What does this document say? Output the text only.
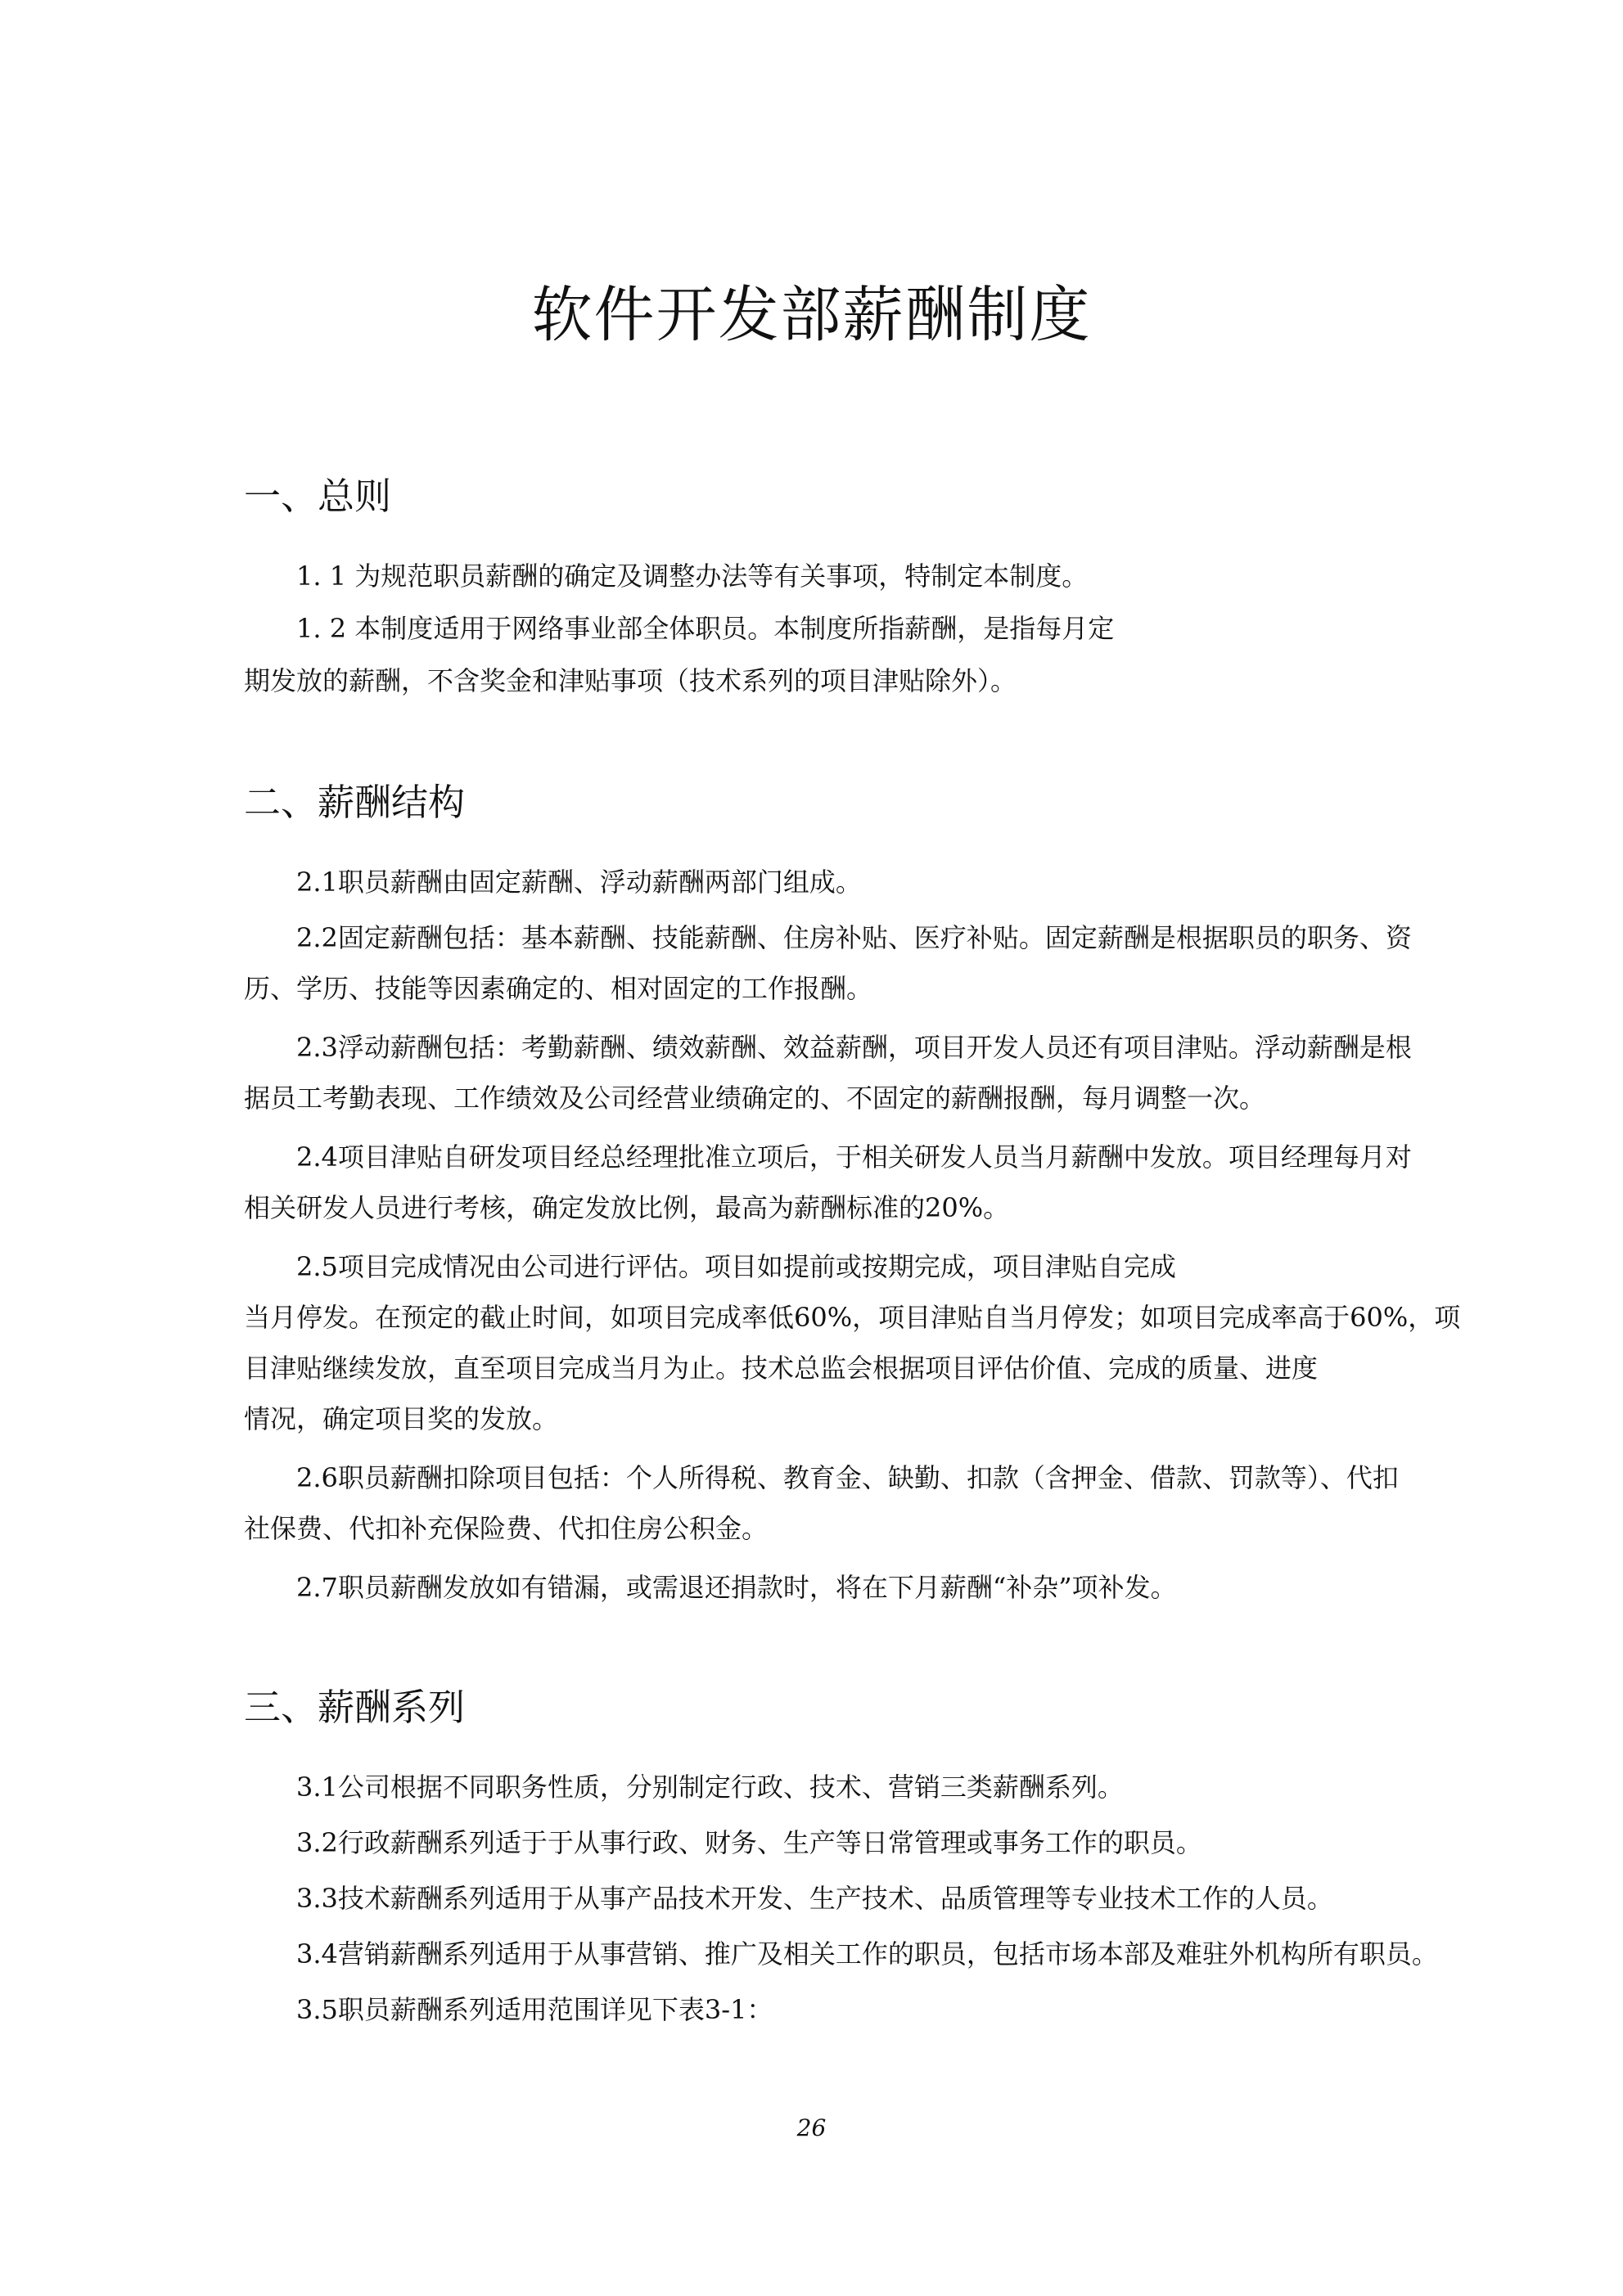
软件开发部薪酬制度
一、总则
1. 1 为规范职员薪酬的确定及调整办法等有关事项，特制定本制度。
1. 2 本制度适用于网络事业部全体职员。本制度所指薪酬，是指每月定
期发放的薪酬，不含奖金和津贴事项（技术系列的项目津贴除外）。
二、薪酬结构
2.1职员薪酬由固定薪酬、浮动薪酬两部门组成。
2.2固定薪酬包括：基本薪酬、技能薪酬、住房补贴、医疗补贴。固定薪酬是根据职员的职务、资
历、学历、技能等因素确定的、相对固定的工作报酬。
2.3浮动薪酬包括：考勤薪酬、绩效薪酬、效益薪酬，项目开发人员还有项目津贴。浮动薪酬是根
据员工考勤表现、工作绩效及公司经营业绩确定的、不固定的薪酬报酬，每月调整一次。
2.4项目津贴自研发项目经总经理批准立项后，于相关研发人员当月薪酬中发放。项目经理每月对
相关研发人员进行考核，确定发放比例，最高为薪酬标准的20%。
2.5项目完成情况由公司进行评估。项目如提前或按期完成，项目津贴自完成
当月停发。在预定的截止时间，如项目完成率低60%，项目津贴自当月停发；如项目完成率高于60%，项
目津贴继续发放，直至项目完成当月为止。技术总监会根据项目评估价值、完成的质量、进度
情况，确定项目奖的发放。
2.6职员薪酬扣除项目包括：个人所得税、教育金、缺勤、扣款（含押金、借款、罚款等）、代扣
社保费、代扣补充保险费、代扣住房公积金。
2.7职员薪酬发放如有错漏，或需退还捐款时，将在下月薪酬“补杂”项补发。
三、薪酬系列
3.1公司根据不同职务性质，分别制定行政、技术、营销三类薪酬系列。
3.2行政薪酬系列适于于从事行政、财务、生产等日常管理或事务工作的职员。
3.3技术薪酬系列适用于从事产品技术开发、生产技术、品质管理等专业技术工作的人员。
3.4营销薪酬系列适用于从事营销、推广及相关工作的职员，包括市场本部及难驻外机构所有职员。
3.5职员薪酬系列适用范围详见下表3-1：
26
